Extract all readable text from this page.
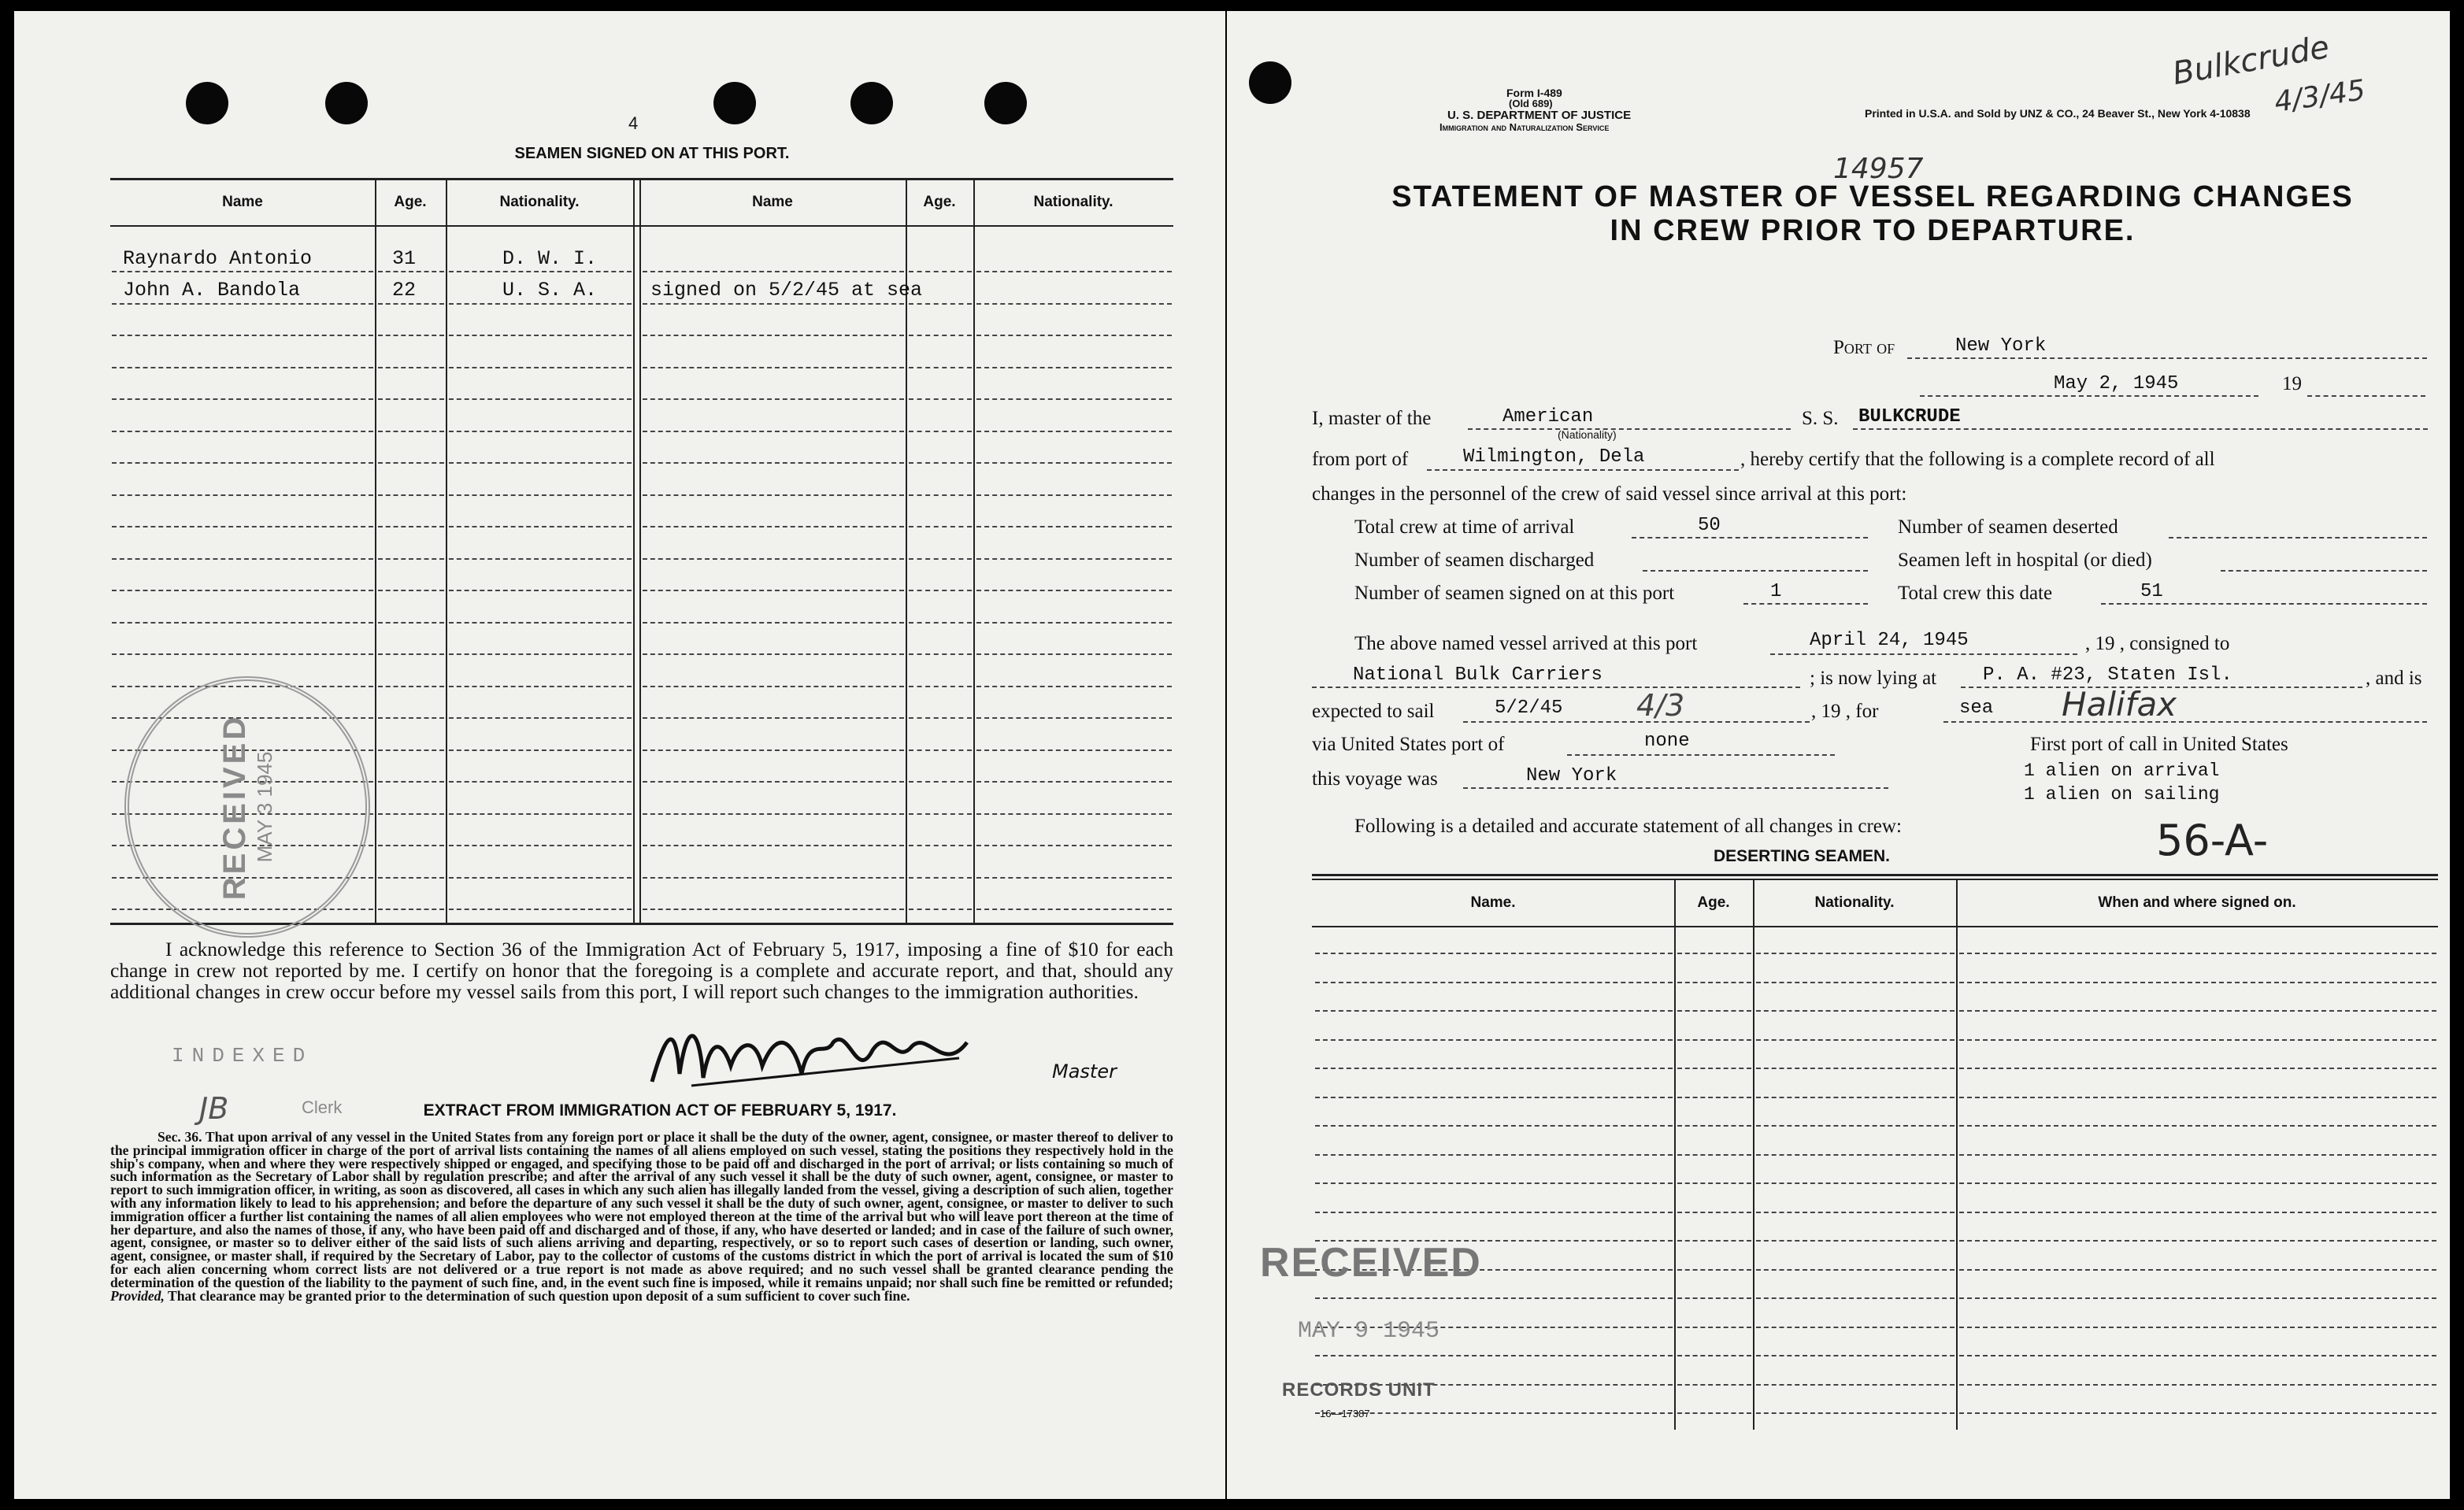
4
SEAMEN SIGNED ON AT THIS PORT.
Name	Age.	Nationality.	Name	Age.	Nationality.
Raynardo Antonio	31	D. W. I.
John A. Bandola	22	U. S. A.	signed on 5/2/45 at sea
RECEIVED MAY 3 1945
I acknowledge this reference to Section 36 of the Immigration Act of February 5, 1917, imposing a fine of $10 for each change in crew not reported by me. I certify on honor that the foregoing is a complete and accurate report, and that, should any additional changes in crew occur before my vessel sails from this port, I will report such changes to the immigration authorities.
Master
INDEXED
JB	Clerk	EXTRACT FROM IMMIGRATION ACT OF FEBRUARY 5, 1917.
Sec. 36. That upon arrival of any vessel in the United States from any foreign port or place it shall be the duty of the owner, agent, consignee, or master thereof to deliver to the principal immigration officer in charge of the port of arrival lists containing the names of all aliens employed on such vessel, stating the positions they respectively hold in the ship's company, when and where they were respectively shipped or engaged, and specifying those to be paid off and discharged in the port of arrival; or lists containing so much of such information as the Secretary of Labor shall by regulation prescribe; and after the arrival of any such vessel it shall be the duty of such owner, agent, consignee, or master to report to such immigration officer, in writing, as soon as discovered, all cases in which any such alien has illegally landed from the vessel, giving a description of such alien, together with any information likely to lead to his apprehension; and before the departure of any such vessel it shall be the duty of such owner, agent, consignee, or master to deliver to such immigration officer a further list containing the names of all alien employees who were not employed thereon at the time of the arrival but who will leave port thereon at the time of her departure, and also the names of those, if any, who have been paid off and discharged and of those, if any, who have deserted or landed; and in case of the failure of such owner, agent, consignee, or master so to deliver either of the said lists of such aliens arriving and departing, respectively, or so to report such cases of desertion or landing, such owner, agent, consignee, or master shall, if required by the Secretary of Labor, pay to the collector of customs of the customs district in which the port of arrival is located the sum of $10 for each alien concerning whom correct lists are not delivered or a true report is not made as above required; and no such vessel shall be granted clearance pending the determination of the question of the liability to the payment of such fine, and, in the event such fine is imposed, while it remains unpaid; nor shall such fine be remitted or refunded; Provided, That clearance may be granted prior to the determination of such question upon deposit of a sum sufficient to cover such fine.
Form I-489
(Old 689)
U. S. DEPARTMENT OF JUSTICE
Immigration and Naturalization Service
Printed in U.S.A. and Sold by UNZ & CO., 24 Beaver St., New York 4-10838
Bulkcrude
4/3/45
14957
STATEMENT OF MASTER OF VESSEL REGARDING CHANGES
IN CREW PRIOR TO DEPARTURE.
Port of	New York
May 2, 1945	19
I, master of the	American
(Nationality)
S. S. BULKCRUDE
from port of	Wilmington, Dela	, hereby certify that the following is a complete record of all
changes in the personnel of the crew of said vessel since arrival at this port:
Total crew at time of arrival	50	Number of seamen deserted
Number of seamen discharged	Seamen left in hospital (or died)
Number of seamen signed on at this port	1	Total crew this date	51
The above named vessel arrived at this port	April 24, 1945	, 19 , consigned to
National Bulk Carriers	; is now lying at P. A. #23, Staten Isl.	, and is
expected to sail	5/2/45 4/3	, 19 , for	sea Halifax
via United States port of	none	First port of call in United States
this voyage was	New York	1 alien on arrival
1 alien on sailing
Following is a detailed and accurate statement of all changes in crew:	56-A-
DESERTING SEAMEN.
Name.	Age.	Nationality.	When and where signed on.
RECEIVED
MAY 9 1945
RECORDS UNIT
16—17387
